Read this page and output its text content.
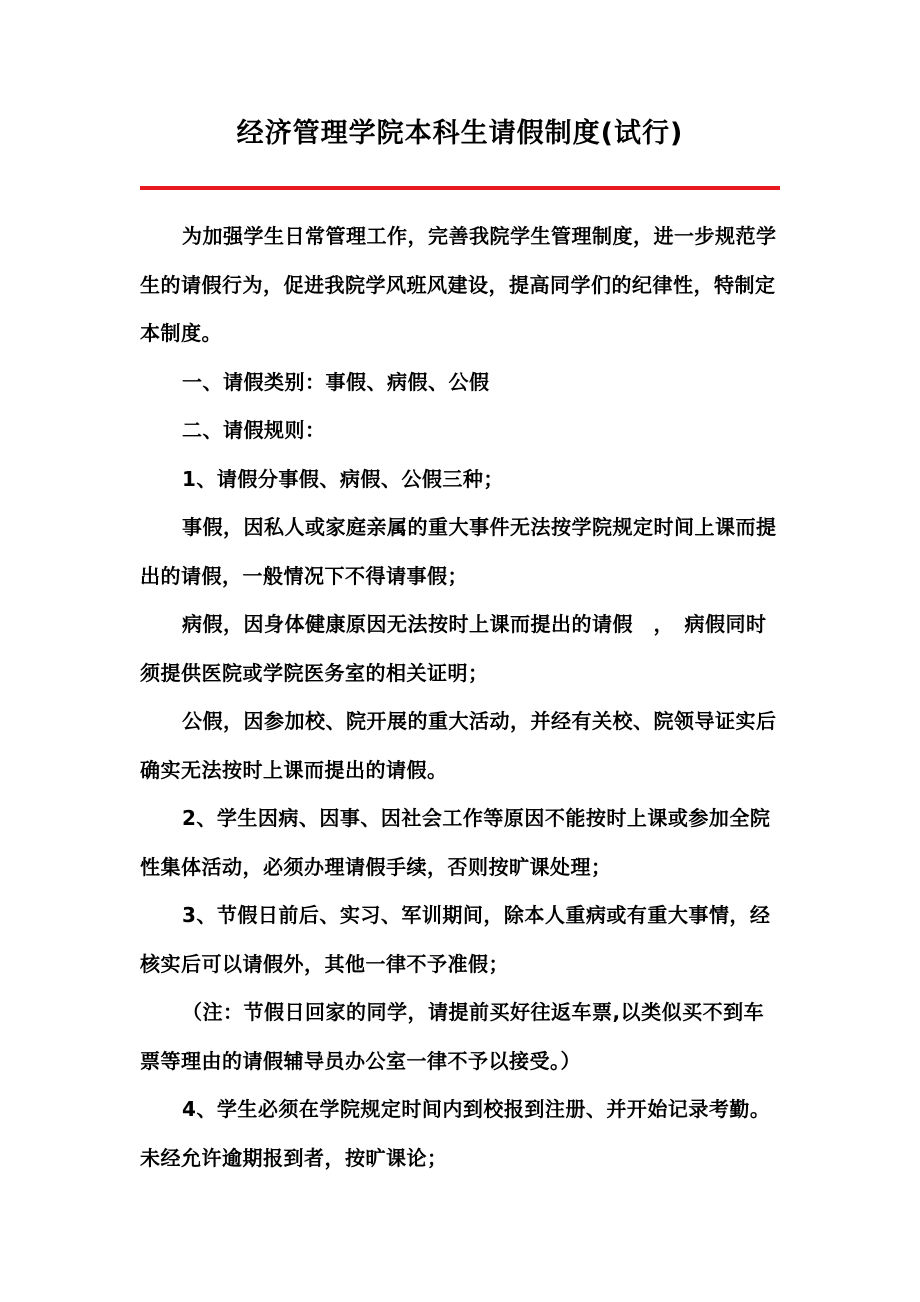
经济管理学院本科生请假制度(试行)

为加强学生日常管理工作，完善我院学生管理制度，进一步规范学生的请假行为，促进我院学风班风建设，提高同学们的纪律性，特制定本制度。

一、请假类别：事假、病假、公假

二、请假规则：

1、请假分事假、病假、公假三种；

事假，因私人或家庭亲属的重大事件无法按学院规定时间上课而提出的请假，一般情况下不得请事假；

病假，因身体健康原因无法按时上课而提出的请假　，　病假同时须提供医院或学院医务室的相关证明；

公假，因参加校、院开展的重大活动，并经有关校、院领导证实后确实无法按时上课而提出的请假。

2、学生因病、因事、因社会工作等原因不能按时上课或参加全院性集体活动，必须办理请假手续，否则按旷课处理；

3、节假日前后、实习、军训期间，除本人重病或有重大事情，经核实后可以请假外，其他一律不予准假；

（注：节假日回家的同学，请提前买好往返车票,以类似买不到车票等理由的请假辅导员办公室一律不予以接受。）

4、学生必须在学院规定时间内到校报到注册、并开始记录考勤。未经允许逾期报到者，按旷课论；
